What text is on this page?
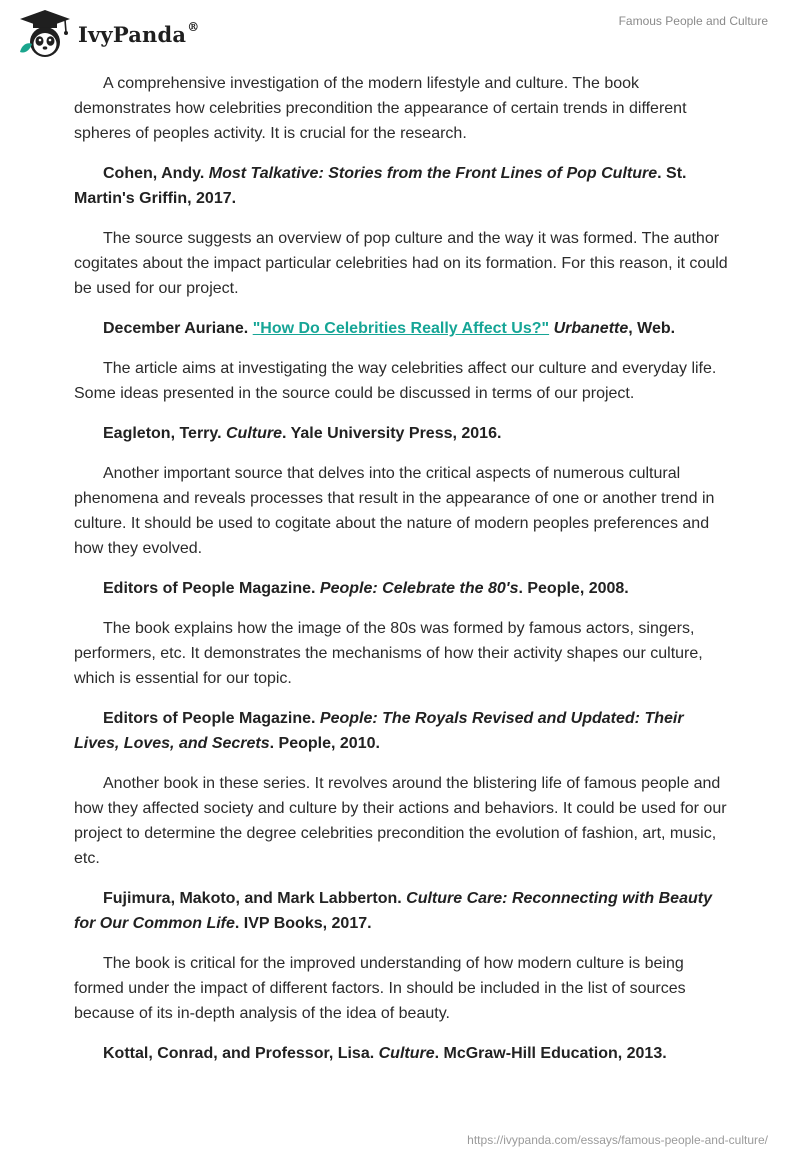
IvyPanda®	Famous People and Culture

A comprehensive investigation of the modern lifestyle and culture. The book demonstrates how celebrities precondition the appearance of certain trends in different spheres of peoples activity. It is crucial for the research.

Cohen, Andy. Most Talkative: Stories from the Front Lines of Pop Culture. St. Martin's Griffin, 2017.

The source suggests an overview of pop culture and the way it was formed. The author cogitates about the impact particular celebrities had on its formation. For this reason, it could be used for our project.

December Auriane. "How Do Celebrities Really Affect Us?" Urbanette, Web.

The article aims at investigating the way celebrities affect our culture and everyday life. Some ideas presented in the source could be discussed in terms of our project.

Eagleton, Terry. Culture. Yale University Press, 2016.

Another important source that delves into the critical aspects of numerous cultural phenomena and reveals processes that result in the appearance of one or another trend in culture. It should be used to cogitate about the nature of modern peoples preferences and how they evolved.

Editors of People Magazine. People: Celebrate the 80's. People, 2008.

The book explains how the image of the 80s was formed by famous actors, singers, performers, etc. It demonstrates the mechanisms of how their activity shapes our culture, which is essential for our topic.

Editors of People Magazine. People: The Royals Revised and Updated: Their Lives, Loves, and Secrets. People, 2010.

Another book in these series. It revolves around the blistering life of famous people and how they affected society and culture by their actions and behaviors. It could be used for our project to determine the degree celebrities precondition the evolution of fashion, art, music, etc.

Fujimura, Makoto, and Mark Labberton. Culture Care: Reconnecting with Beauty for Our Common Life. IVP Books, 2017.

The book is critical for the improved understanding of how modern culture is being formed under the impact of different factors. In should be included in the list of sources because of its in-depth analysis of the idea of beauty.

Kottal, Conrad, and Professor, Lisa. Culture. McGraw-Hill Education, 2013.

https://ivypanda.com/essays/famous-people-and-culture/
